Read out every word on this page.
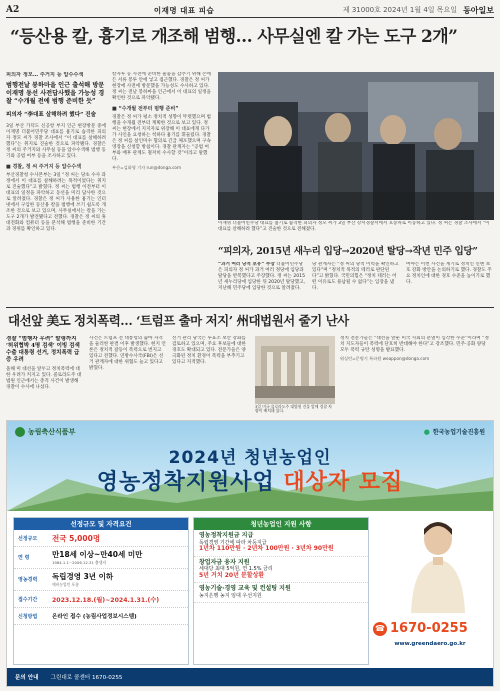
A2	이재명 대표 피습	제 31000호 2024년 1월 4일 목요일 동아일보
“등산용 칼, 흉기로 개조해 범행… 사무실엔 칼 가는 도구 2개”
피의자 정모… 주거지 등 압수수색
범행전날 봉하마을 인근 출석해 방문 이재명 동선 사전답사했을 가능성 경찰 “수개월 전에 범행 준비한 듯”
피의자 “李대표 살해하려 했다” 진술

3일 부산 가덕도 신공항 부지 인근 현장방문 중에 이재명 더불어민주당 대표를 흉기로 습격한 피의자 정모 씨가 경찰 조사에서 “이 대표를 살해하려 했다”는 취지로 진술한 것으로 파악됐다. 경찰은 정 씨의 주거지와 사무실 등을 압수수색해 범행 동기와 공범 여부 등을 조사하고 있다.

■ 경찰, 정 씨 주거지 등 압수수색

부산경찰청 수사본부는 3일 “정 씨는 당초 수사 과정에서 이 대표를 살해하려는 목적이었다는 취지로 진술했다”고 밝혔다. 정 씨는 범행 이전부터 이 대표의 일정을 파악하고 동선을 미리 답사한 것으로 알려졌다. 경찰은 정 씨가 사용한 흉기는 인터넷에서 구입한 등산용 칼을 범행에 쓰기 쉽도록 개조한 것으로 보고 있으며, 사무실에서는 칼을 가는 도구 2개가 발견됐다고 전했다. 경찰은 정 씨의 휴대전화와 컴퓨터 등을 분석해 범행을 준비한 기간과 경위를 확인하고 있다.

칼자루 등 사전에 준비한 물품을 감추기 위해 손에 든 서류 봉투 안에 넣고 접근했다. 경찰은 정 씨가 현장에 사전에 방문했을 가능성도 수사하고 있다. 정 씨는 전날 봉하마을 인근에서 이 대표의 일정을 확인한 것으로 파악됐다.

■ “수개월 전부터 범행 준비”

경찰은 정 씨가 평소 정치적 성향이 뚜렷했으며 범행을 수개월 전부터 계획한 것으로 보고 있다. 정 씨는 현장에서 지지자로 위장해 이 대표에게 다가가 사인을 요청하는 척하다 흉기를 휘둘렀다. 경찰은 정 씨를 살인미수 혐의로 긴급 체포했으며 구속영장을 신청할 방침이다. 경찰 관계자는 “공범 여부와 배후 관계도 철저히 수사할 것”이라고 말했다.

부산=김화영 기자 run@donga.com
이재명 더불어민주당 대표를 흉기로 습격한 피의자 정모 씨가 3일 부산 강서경찰서에서 호송차로 이동하고 있다. 정 씨는 경찰 조사에서 “이 대표를 살해하려 했다”고 진술한 것으로 전해졌다.
“피의자, 2015년 새누리 입당→2020년 탈당→작년 민주 입당”
“과거 여러 당적 보유” 주장 더불어민주당은 피의자 정 씨가 과거 여러 정당에 입당과 탈당을 반복했다고 주장했다. 정 씨는 2015년 새누리당에 입당한 뒤 2020년 탈당했고, 지난해 민주당에 입당한 것으로 알려졌다.
당 관계자는 “정 씨의 당적 이력을 확인하고 있다”며 “정치적 목적의 테러로 판단된다”고 밝혔다. 국민의힘은 “정치 테러는 어떤 이유로도 용납될 수 없다”는 입장을 냈다.
여야는 이번 사건을 계기로 정치인 신변 보호 강화 방안을 논의하기로 했다. 경찰도 주요 정치인에 대한 경호 수준을 높이기로 했다.
대선앞 美도 정치폭력… ‘트럼프 출마 저지’ 州대법원서 줄기 난사
경찰 “범행자 우려” 발령까지 ‘허위협박 4명 검색’ 이빙 검색 수출 대통령 선거, 정치폭력 급증 우려
올해 미 대선을 앞두고 정치폭력에 대한 우려가 커지고 있다. 콜로라도주 대법원 인근에서는 총격 사건이 발생해 경찰이 수사에 나섰다.
사건은 트럼프 전 대통령의 출마 자격을 둘러싼 판결 이후 발생했다. 현지 언론은 정치적 갈등이 폭력으로 번지고 있다고 전했다. 연방수사국(FBI)은 선거 관계자에 대한 위협도 늘고 있다고 밝혔다.
선거 관리 당국은 투표소 보안 강화를 검토하고 있으며, 주요 후보들에 대한 경호도 확대되고 있다. 전문가들은 양극화된 정치 환경이 폭력을 부추기고 있다고 지적했다.
3일 미국 콜로라도주 대법원 건물 앞에 경찰 차량이 배치돼 있다.
정치 전문가들은 “대선을 앞둔 미국 사회의 분열이 심각한 수준”이라며 “정치 지도자들이 폭력에 단호히 반대해야 한다”고 강조했다. 민주·공화 양당 모두 폭력 규탄 성명을 발표했다.
워싱턴=문병기 특파원 weappon@donga.com
농림축산식품부	● 한국농업기술진흥원
2024년 청년농업인
영농정착지원사업 대상자 모집
선정규모 및 자격요건
선정규모	전국 5,000명
연 령	만18세 이상~만40세 미만
1984.1.1~2006.12.31 출생자
영농경력	독립경영 3년 이하
예비농업인 포함
접수기간	2023.12.18.(월)~2024.1.31.(수)
신청방법	온라인 접수 (농림사업정보시스템)
청년농업인 지원 사항
영농정착지원금 지급
독립경영 기간에 따라 차등지급
1년차 110만원 · 2년차 100만원 · 3년차 90만원
창업자금 융자 지원
세대당 최대 5억원, 연 1.5% 금리
5년 거치 20년 분할상환
영농기술·경영 교육 및 컨설팅 지원
농지은행 농지 임대 우선지원
☎ 1670-0255
www.greendaero.go.kr
문의 안내 그린대로 콜센터 1670-0255
